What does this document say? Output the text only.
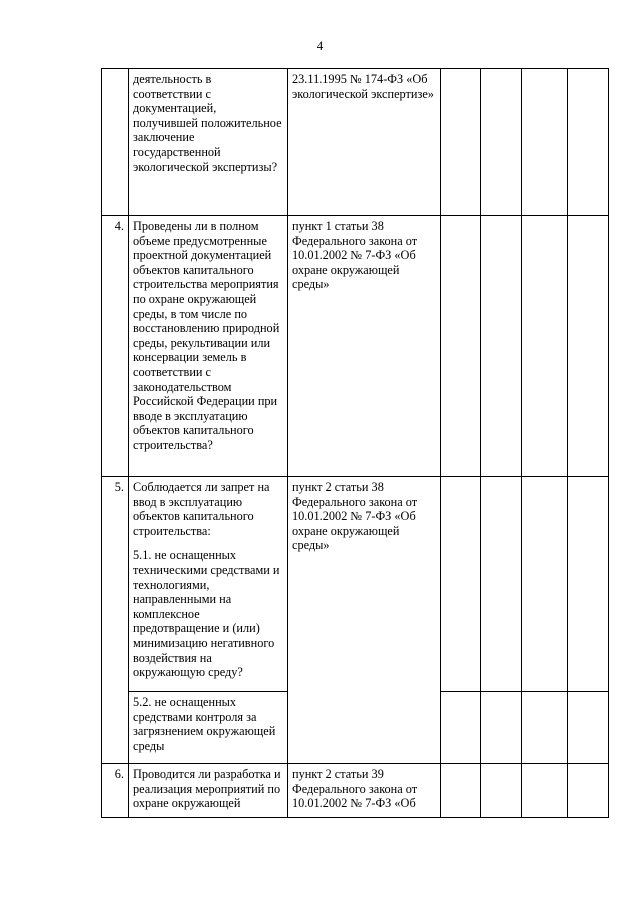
4

	деятельность в соответствии с документацией, получившей положительное заключение государственной экологической экспертизы?	23.11.1995 № 174-ФЗ «Об экологической экспертизе»				

4.	Проведены ли в полном объеме предусмотренные проектной документацией объектов капитального строительства мероприятия по охране окружающей среды, в том числе по восстановлению природной среды, рекультивации или консервации земель в соответствии с законодательством Российской Федерации при вводе в эксплуатацию объектов капитального строительства?	пункт 1 статьи 38 Федерального закона от 10.01.2002 № 7-ФЗ «Об охране окружающей среды»				

5.	Соблюдается ли запрет на ввод в эксплуатацию объектов капитального строительства:

5.1. не оснащенных техническими средствами и технологиями, направленными на комплексное предотвращение и (или) минимизацию негативного воздействия на окружающую среду?	пункт 2 статьи 38 Федерального закона от 10.01.2002 № 7-ФЗ «Об охране окружающей среды»				

	5.2. не оснащенных средствами контроля за загрязнением окружающей среды					

6.	Проводится ли разработка и реализация мероприятий по охране окружающей	пункт 2 статьи 39 Федерального закона от 10.01.2002 № 7-ФЗ «Об				
